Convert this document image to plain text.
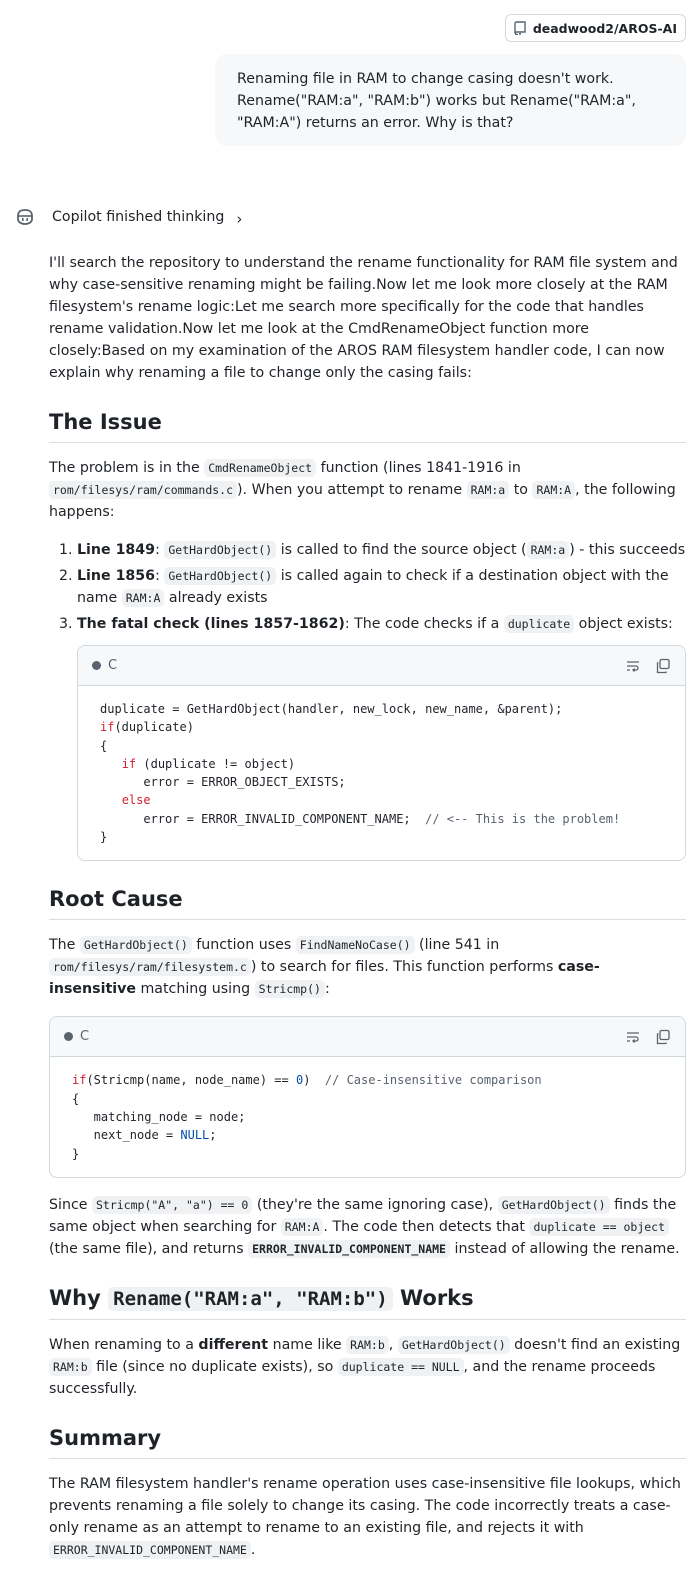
deadwood2/AROS-AI
Renaming file in RAM to change casing doesn't work. Rename("RAM:a", "RAM:b") works but Rename("RAM:a", "RAM:A") returns an error. Why is that?
Copilot finished thinking ›

I'll search the repository to understand the rename functionality for RAM file system and why case-sensitive renaming might be failing.Now let me look more closely at the RAM filesystem's rename logic:Let me search more specifically for the code that handles rename validation.Now let me look at the CmdRenameObject function more closely:Based on my examination of the AROS RAM filesystem handler code, I can now explain why renaming a file to change only the casing fails:

The Issue

The problem is in the CmdRenameObject function (lines 1841-1916 in rom/filesys/ram/commands.c ). When you attempt to rename RAM:a to RAM:A , the following happens:

1. Line 1849: GetHardObject() is called to find the source object ( RAM:a ) - this succeeds
2. Line 1856: GetHardObject() is called again to check if a destination object with the name RAM:A already exists
3. The fatal check (lines 1857-1862): The code checks if a duplicate object exists:
C
duplicate = GetHardObject(handler, new_lock, new_name, &parent);
if(duplicate)
{
if (duplicate != object)
error = ERROR_OBJECT_EXISTS;
else
error = ERROR_INVALID_COMPONENT_NAME;  // <-- This is the problem!
}
Root Cause

The GetHardObject() function uses FindNameNoCase() (line 541 in rom/filesys/ram/filesystem.c ) to search for files. This function performs case-insensitive matching using Stricmp() :

C
if(Stricmp(name, node_name) == 0)  // Case-insensitive comparison
{
matching_node = node;
next_node = NULL;
}

Since Stricmp("A", "a") == 0 (they're the same ignoring case), GetHardObject() finds the same object when searching for RAM:A . The code then detects that duplicate == object (the same file), and returns ERROR_INVALID_COMPONENT_NAME instead of allowing the rename.

Why Rename("RAM:a", "RAM:b") Works

When renaming to a different name like RAM:b , GetHardObject() doesn't find an existing RAM:b file (since no duplicate exists), so duplicate == NULL , and the rename proceeds successfully.

Summary

The RAM filesystem handler's rename operation uses case-insensitive file lookups, which prevents renaming a file solely to change its casing. The code incorrectly treats a case-only rename as an attempt to rename to an existing file, and rejects it with ERROR_INVALID_COMPONENT_NAME .
